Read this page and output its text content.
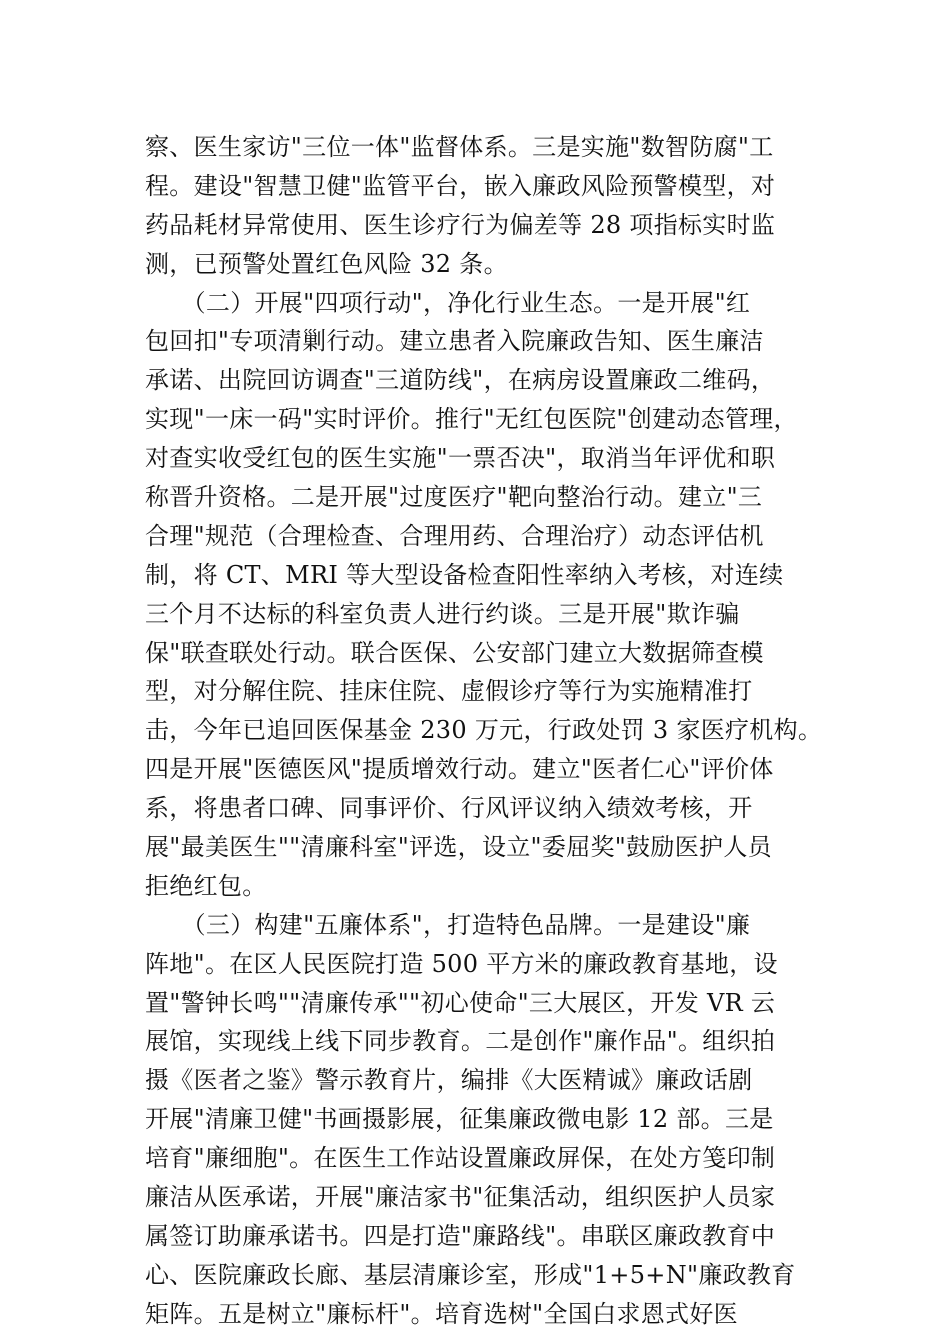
察、医生家访"三位一体"监督体系。三是实施"数智防腐"工
程。建设"智慧卫健"监管平台，嵌入廉政风险预警模型，对
药品耗材异常使用、医生诊疗行为偏差等 28 项指标实时监
测，已预警处置红色风险 32 条。
　　（二）开展"四项行动"，净化行业生态。一是开展"红
包回扣"专项清剿行动。建立患者入院廉政告知、医生廉洁
承诺、出院回访调查"三道防线"，在病房设置廉政二维码，
实现"一床一码"实时评价。推行"无红包医院"创建动态管理，
对查实收受红包的医生实施"一票否决"，取消当年评优和职
称晋升资格。二是开展"过度医疗"靶向整治行动。建立"三
合理"规范（合理检查、合理用药、合理治疗）动态评估机
制，将 CT、MRI 等大型设备检查阳性率纳入考核，对连续
三个月不达标的科室负责人进行约谈。三是开展"欺诈骗
保"联查联处行动。联合医保、公安部门建立大数据筛查模
型，对分解住院、挂床住院、虚假诊疗等行为实施精准打
击，今年已追回医保基金 230 万元，行政处罚 3 家医疗机构。
四是开展"医德医风"提质增效行动。建立"医者仁心"评价体
系，将患者口碑、同事评价、行风评议纳入绩效考核，开
展"最美医生""清廉科室"评选，设立"委屈奖"鼓励医护人员
拒绝红包。
　　（三）构建"五廉体系"，打造特色品牌。一是建设"廉
阵地"。在区人民医院打造 500 平方米的廉政教育基地，设
置"警钟长鸣""清廉传承""初心使命"三大展区，开发 VR 云
展馆，实现线上线下同步教育。二是创作"廉作品"。组织拍
摄《医者之鉴》警示教育片，编排《大医精诚》廉政话剧
开展"清廉卫健"书画摄影展，征集廉政微电影 12 部。三是
培育"廉细胞"。在医生工作站设置廉政屏保，在处方笺印制
廉洁从医承诺，开展"廉洁家书"征集活动，组织医护人员家
属签订助廉承诺书。四是打造"廉路线"。串联区廉政教育中
心、医院廉政长廊、基层清廉诊室，形成"1+5+N"廉政教育
矩阵。五是树立"廉标杆"。培育选树"全国白求恩式好医
